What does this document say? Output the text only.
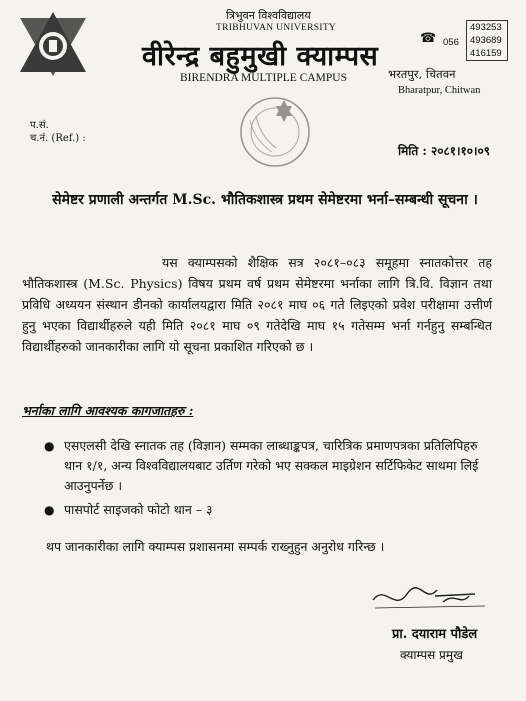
त्रिभुवन विश्वविद्यालय
TRIBHUVAN UNIVERSITY
वीरेन्द्र बहुमुखी क्याम्पस
BIRENDRA MULTIPLE CAMPUS	भरतपुर, चितवन
Bharatpur, Chitwan
☎ 056
493253
493689
416159
प.सं.
च.नं. (Ref.) :
मिति : २०८१।१०।०९
सेमेष्टर प्रणाली अन्तर्गत M.Sc. भौतिकशास्त्र प्रथम सेमेष्टरमा भर्ना–सम्बन्धी सूचना ।
यस क्याम्पसको शैक्षिक सत्र २०८१–०८३ समूहमा स्नातकोत्तर तह भौतिकशास्त्र (M.Sc. Physics) विषय प्रथम वर्ष प्रथम सेमेष्टरमा भर्नाका लागि त्रि.वि. विज्ञान तथा प्रविधि अध्ययन संस्थान डीनको कार्यालयद्वारा मिति २०८१ माघ ०६ गते लिइएको प्रवेश परीक्षामा उत्तीर्ण हुनु भएका विद्यार्थीहरुले यही मिति २०८१ माघ ०९ गतेदेखि माघ १५ गतेसम्म भर्ना गर्नहुनु सम्बन्धित विद्यार्थीहरुको जानकारीका लागि यो सूचना प्रकाशित गरिएको छ ।
भर्नाका लागि आवश्यक कागजातहरु :
● एसएलसी देखि स्नातक तह (विज्ञान) सम्मका लाब्धाङ्कपत्र, चारित्रिक प्रमाणपत्रका प्रतिलिपिहरु थान १/१, अन्य विश्वविद्यालयबाट उर्तिण गरेको भए सक्कल माइग्रेशन सर्टिफिकेट साथमा लिई आउनुपर्नेछ ।
● पासपोर्ट साइजको फोटो थान – ३
थप जानकारीका लागि क्याम्पस प्रशासनमा सम्पर्क राख्नुहुन अनुरोध गरिन्छ ।
प्रा. दयाराम पौडेल
क्याम्पस प्रमुख
